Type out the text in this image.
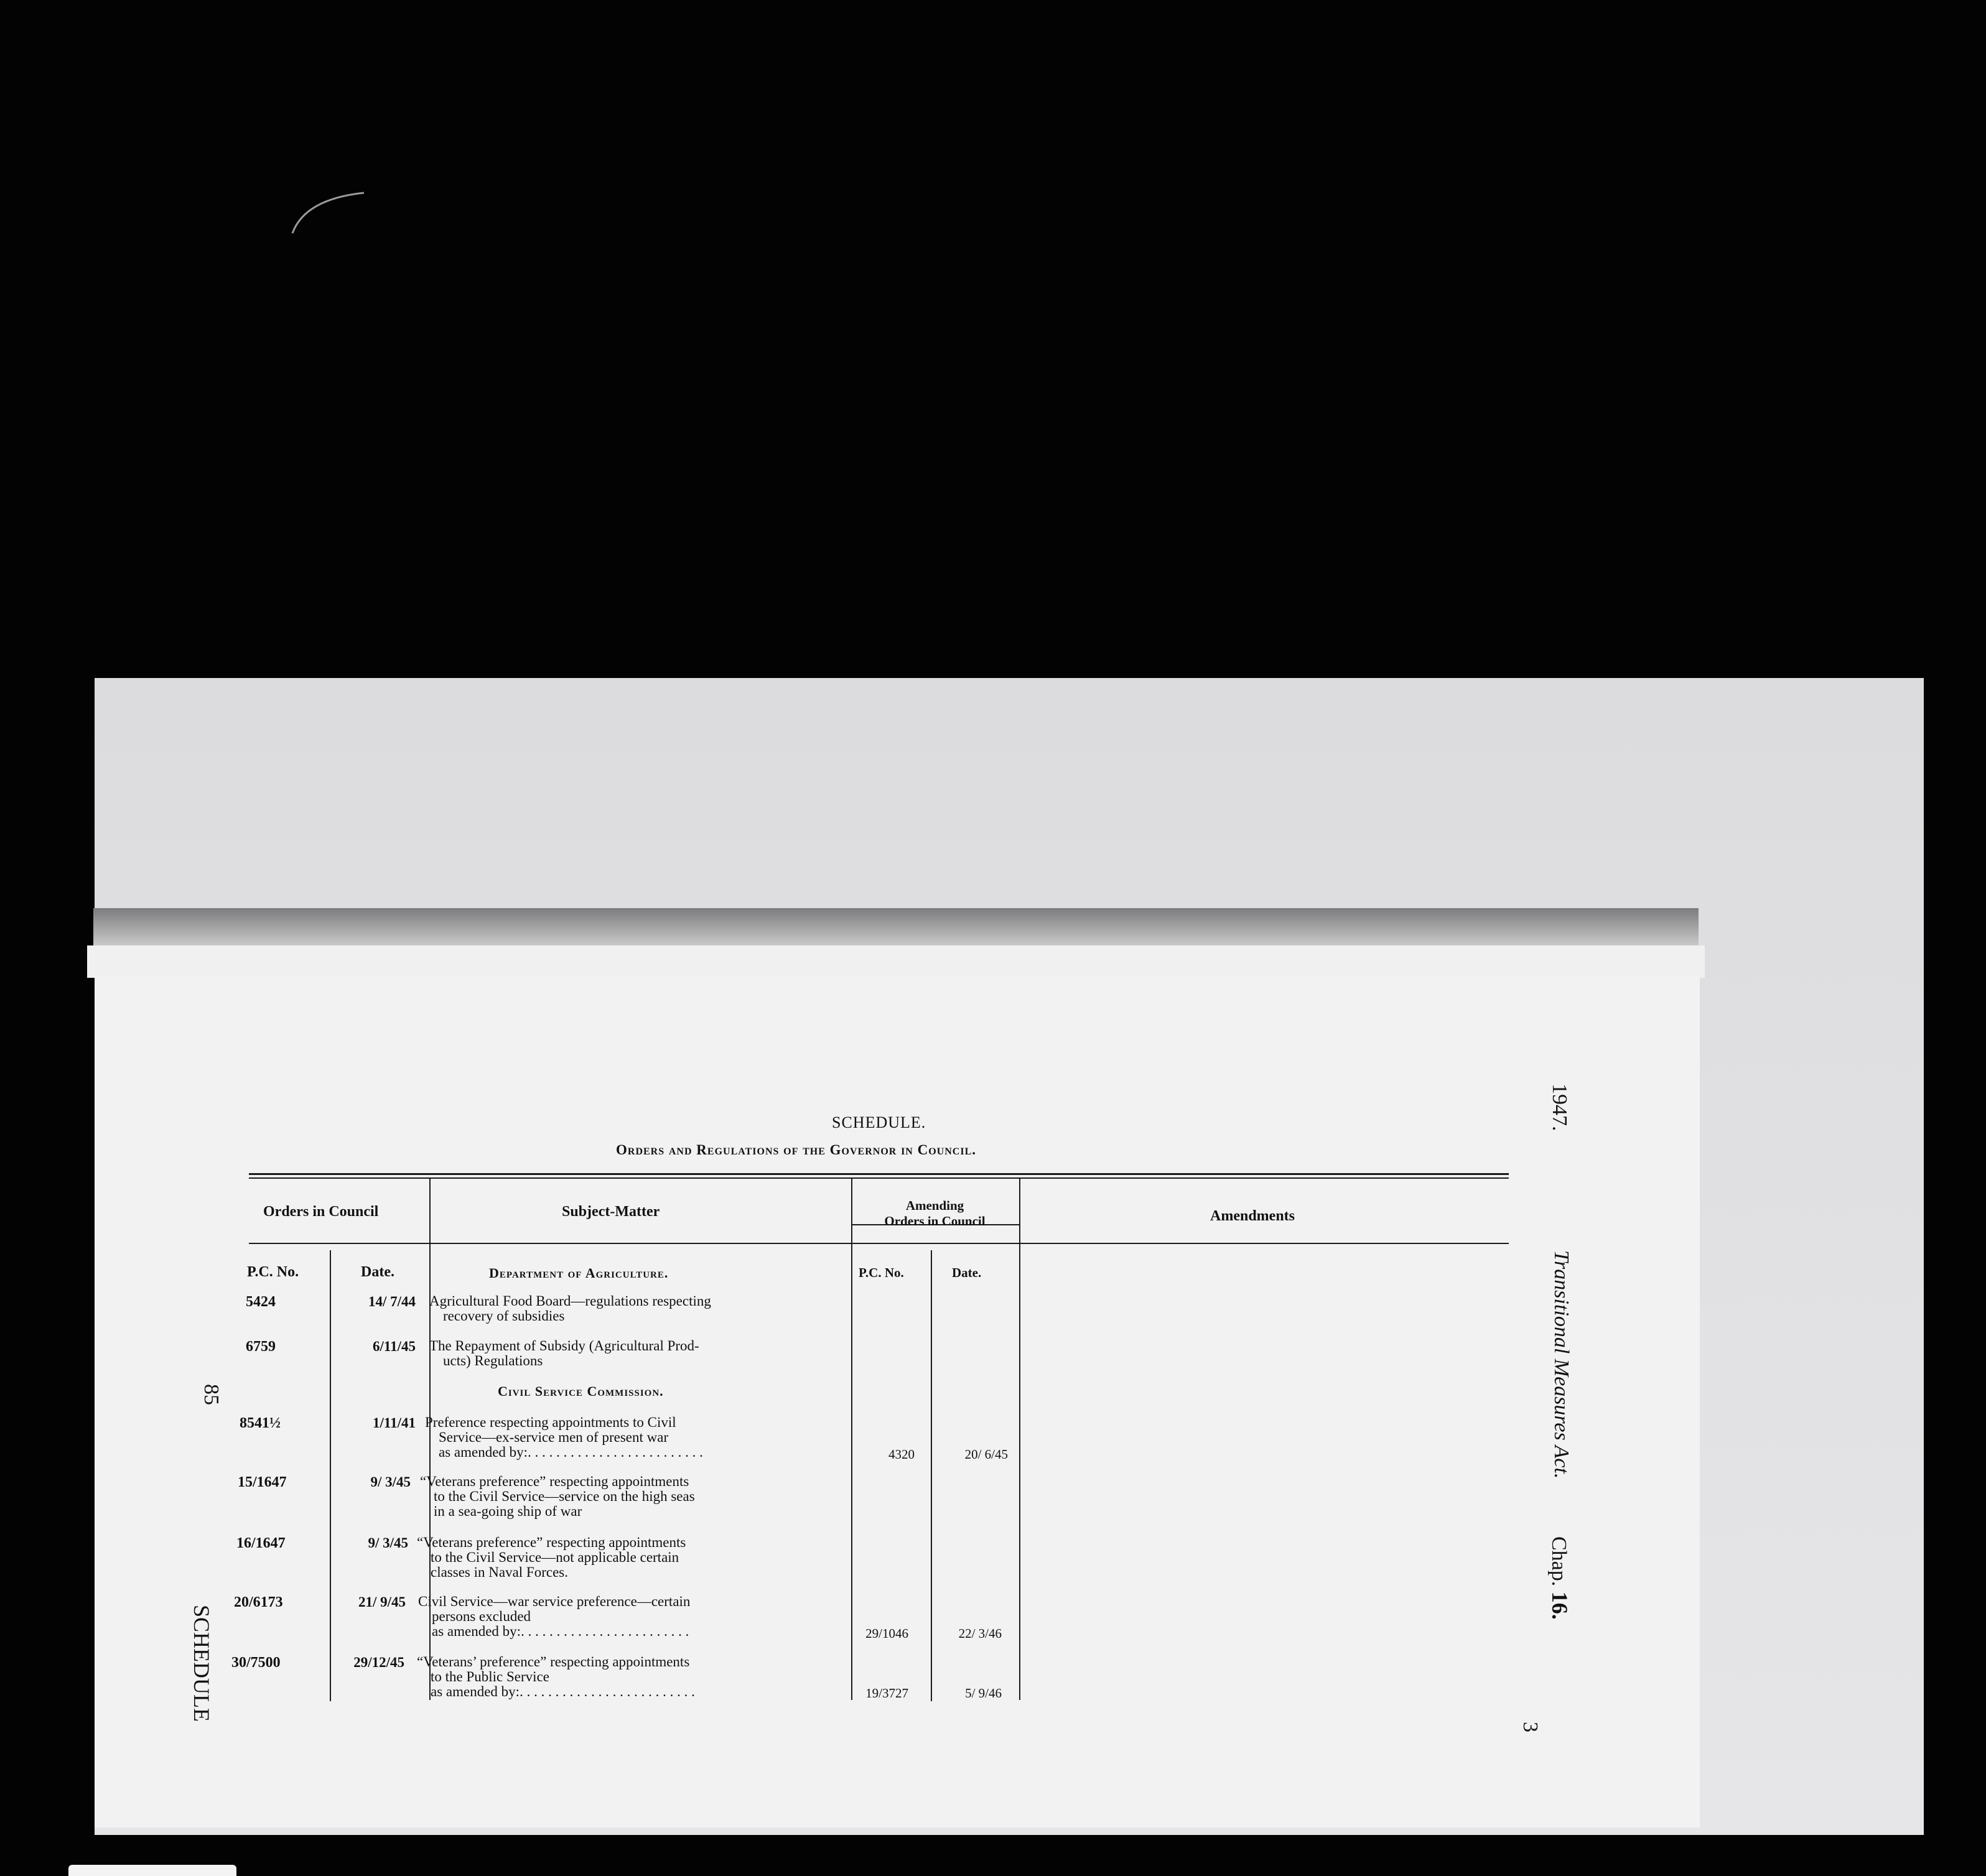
SCHEDULE.
Orders and Regulations of the Governor in Council.
Orders in Council	Subject-Matter	Amending
Orders in Council	Amendments
P.C. No.	Date.	P.C. No.	Date.
Department of Agriculture.
Civil Service Commission.
5424	14/ 7/44 Agricultural Food Board—regulations respecting
recovery of subsidies
6759	6/11/45 The Repayment of Subsidy (Agricultural Prod-
ucts) Regulations
8541½	1/11/41 Preference respecting appointments to Civil
Service—ex-service men of present war
as amended by:. . . . . . . . . . . . . . . . . . . . . . . . .	4320	20/ 6/45
15/1647	9/ 3/45 “Veterans preference” respecting appointments
to the Civil Service—service on the high seas
in a sea-going ship of war
16/1647	9/ 3/45 “Veterans preference” respecting appointments
to the Civil Service—not applicable certain
classes in Naval Forces.
20/6173	21/ 9/45 Civil Service—war service preference—certain
persons excluded
as amended by:. . . . . . . . . . . . . . . . . . . . . . . .	29/1046	22/ 3/46
30/7500	29/12/45 “Veterans’ preference” respecting appointments
to the Public Service
as amended by:. . . . . . . . . . . . . . . . . . . . . . . . .	19/3727	5/ 9/46
1947.
Transitional Measures Act.
Chap. 16.
3
85
SCHEDULE
